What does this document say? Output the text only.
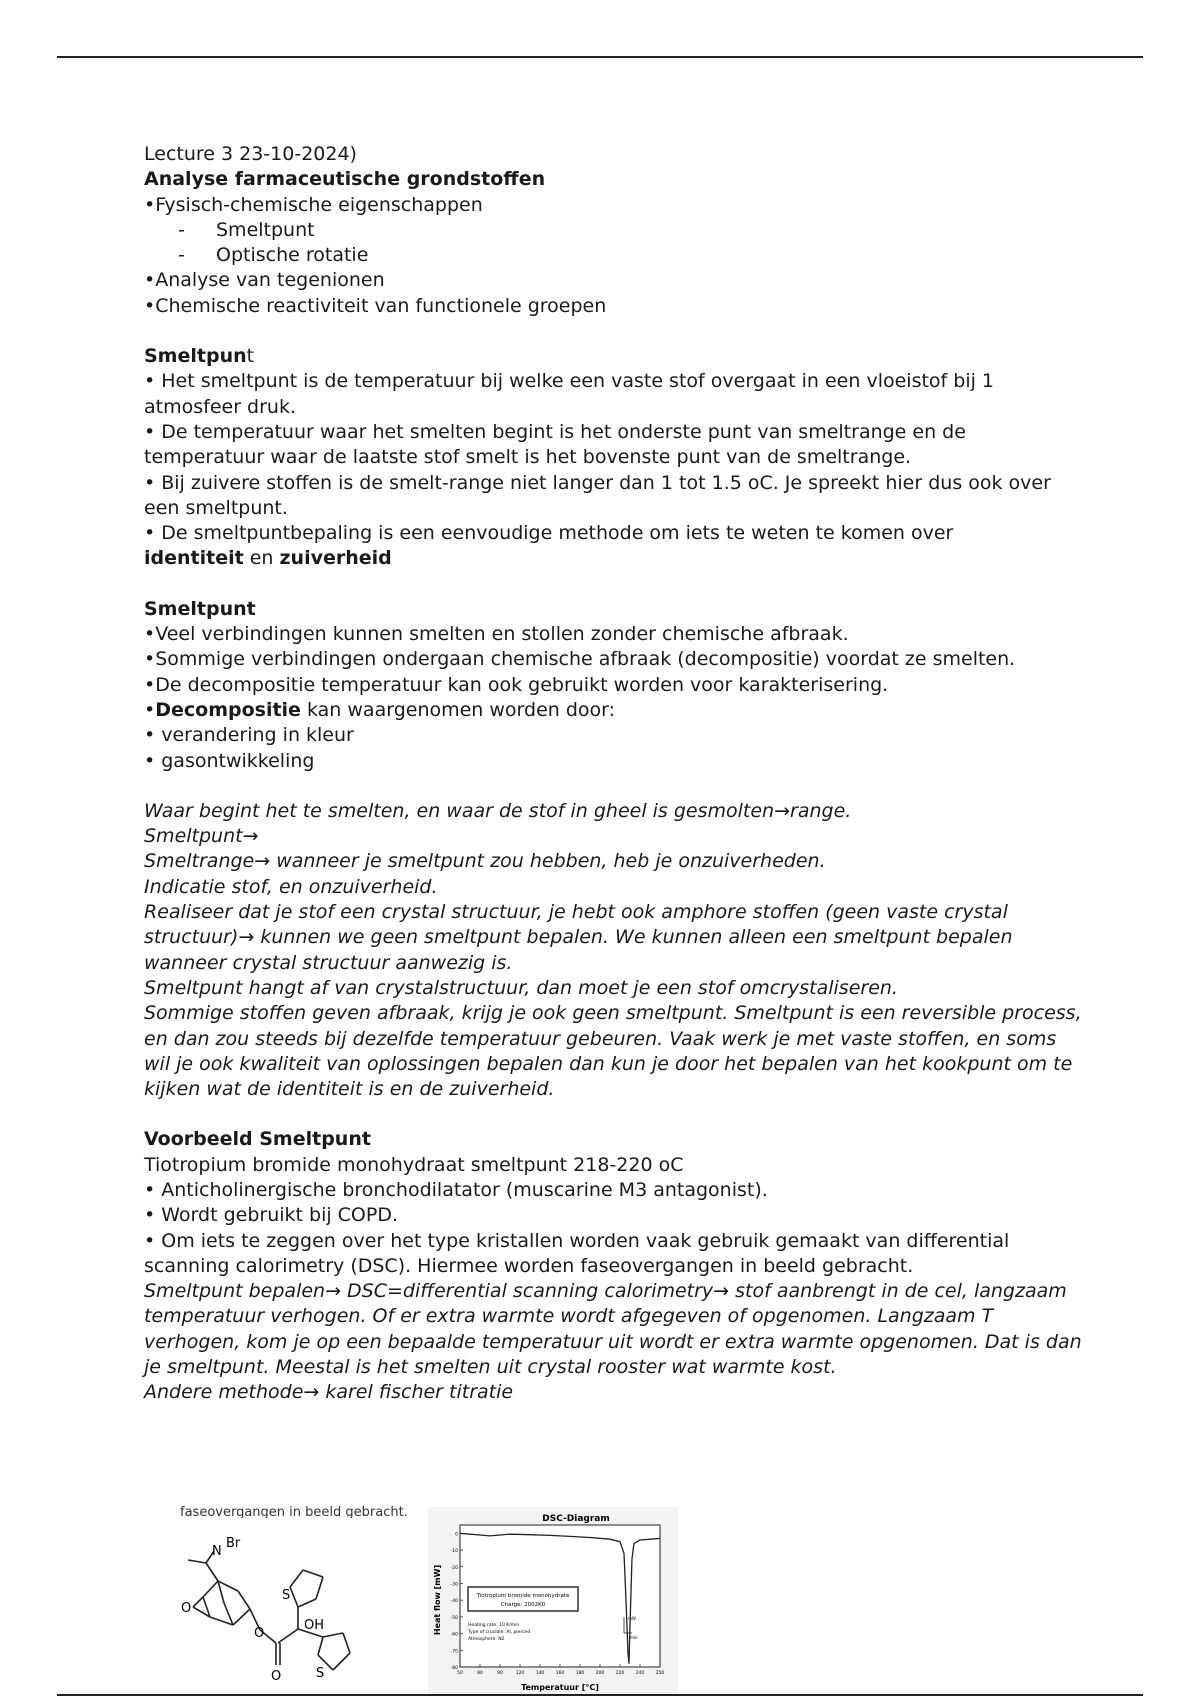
Lecture 3 23-10-2024)

Analyse farmaceutische grondstoffen

•Fysisch-chemische eigenschappen

- Smeltpunt

- Optische rotatie

•Analyse van tegenionen

•Chemische reactiviteit van functionele groepen

Smeltpunt

• Het smeltpunt is de temperatuur bij welke een vaste stof overgaat in een vloeistof bij 1 atmosfeer druk.

• De temperatuur waar het smelten begint is het onderste punt van smeltrange en de temperatuur waar de laatste stof smelt is het bovenste punt van de smeltrange.

• Bij zuivere stoffen is de smelt-range niet langer dan 1 tot 1.5 oC. Je spreekt hier dus ook over een smeltpunt.

• De smeltpuntbepaling is een eenvoudige methode om iets te weten te komen over

identiteit en zuiverheid

Smeltpunt

•Veel verbindingen kunnen smelten en stollen zonder chemische afbraak.

•Sommige verbindingen ondergaan chemische afbraak (decompositie) voordat ze smelten.

•De decompositie temperatuur kan ook gebruikt worden voor karakterisering.

•Decompositie kan waargenomen worden door:

• verandering in kleur

• gasontwikkeling

Waar begint het te smelten, en waar de stof in gheel is gesmolten→range.

Smeltpunt→

Smeltrange→ wanneer je smeltpunt zou hebben, heb je onzuiverheden.

Indicatie stof, en onzuiverheid.

Realiseer dat je stof een crystal structuur, je hebt ook amphore stoffen (geen vaste crystal structuur)→ kunnen we geen smeltpunt bepalen. We kunnen alleen een smeltpunt bepalen wanneer crystal structuur aanwezig is.

Smeltpunt hangt af van crystalstructuur, dan moet je een stof omcrystaliseren.

Sommige stoffen geven afbraak, krijg je ook geen smeltpunt. Smeltpunt is een reversible process, en dan zou steeds bij dezelfde temperatuur gebeuren. Vaak werk je met vaste stoffen, en soms wil je ook kwaliteit van oplossingen bepalen dan kun je door het bepalen van het kookpunt om te kijken wat de identiteit is en de zuiverheid.

Voorbeeld Smeltpunt

Tiotropium bromide monohydraat smeltpunt 218-220 oC

• Anticholinergische bronchodilatator (muscarine M3 antagonist).

• Wordt gebruikt bij COPD.

• Om iets te zeggen over het type kristallen worden vaak gebruik gemaakt van differential scanning calorimetry (DSC). Hiermee worden faseovergangen in beeld gebracht.

Smeltpunt bepalen→ DSC=differential scanning calorimetry→ stof aanbrengt in de cel, langzaam temperatuur verhogen. Of er extra warmte wordt afgegeven of opgenomen. Langzaam T verhogen, kom je op een bepaalde temperatuur uit wordt er extra warmte opgenomen. Dat is dan je smeltpunt. Meestal is het smelten uit crystal rooster wat warmte kost.

Andere methode→ karel fischer titratie

faseovergangen in beeld gebracht.
N
Br
O
O
O
S
OH
S
DSC-Diagram
0
-10
-20
-30
-40
-50
-60
-70
-80
50	80	90	120	140	160	180	200	220	240	250
Tiotropium bromide monohydrate
Charge: 2002K0
Heating rate: 10 K/min
Type of crucible: Al, pierced
Atmosphere: N2
mW
min
Temperatuur [°C]
Heat flow [mW]
